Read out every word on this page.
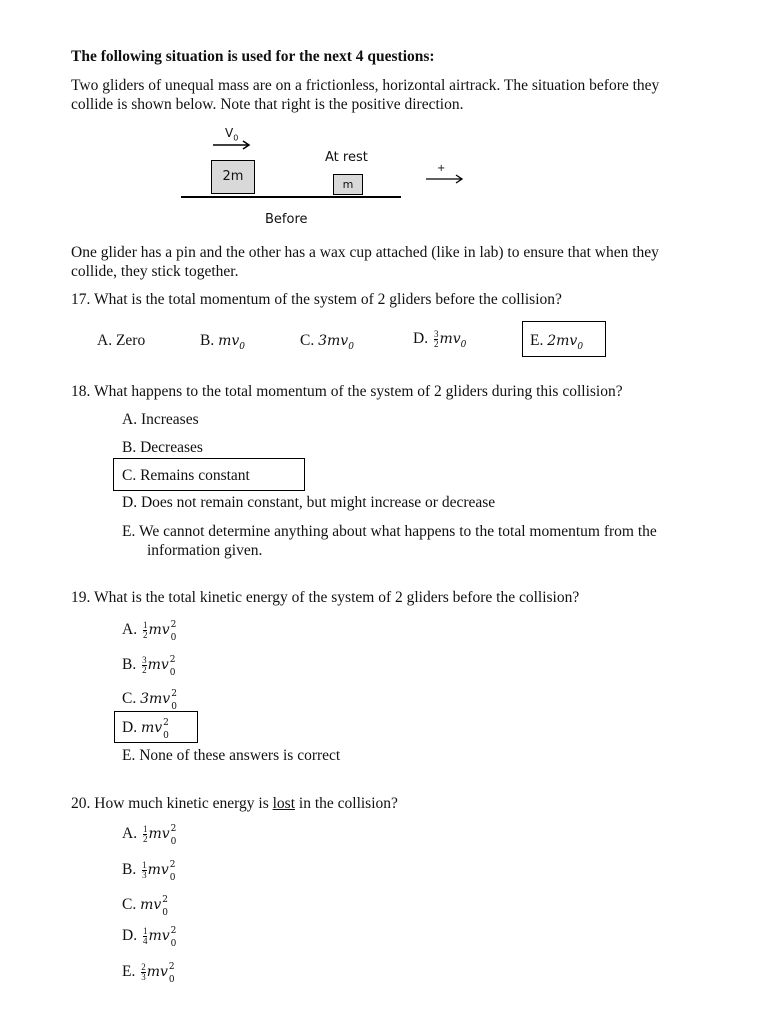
The following situation is used for the next 4 questions:
Two gliders of unequal mass are on a frictionless, horizontal airtrack. The situation before they
collide is shown below. Note that right is the positive direction.
$V_0$
2m
At rest
m
+
Before
One glider has a pin and the other has a wax cup attached (like in lab) to ensure that when they
collide, they stick together.
17. What is the total momentum of the system of 2 gliders before the collision?
A. Zero	B. $mv_0$	C. $3mv_0$
D. $\frac{3}{2} mv_0$	E. $2mv_0$
18. What happens to the total momentum of the system of 2 gliders during this collision?
A. Increases
B. Decreases
C. Remains constant
D. Does not remain constant, but might increase or decrease
E. We cannot determine anything about what happens to the total momentum from the
information given.
19. What is the total kinetic energy of the system of 2 gliders before the collision?
A. $\frac{1}{2}$ mv 2
0
B. $\frac{3}{2}$ mv 2
0
C. 3mv 2
0
D. mv 2
0
E. None of these answers is correct
20. How much kinetic energy is lost in the collision?
A. $\frac{1}{2}$ mv 2
0
B. $\frac{1}{3}$ mv 2
0
C. mv 2
0
D. $\frac{1}{4}$ mv 2
0
E. $\frac{2}{3}$ mv 2
0
